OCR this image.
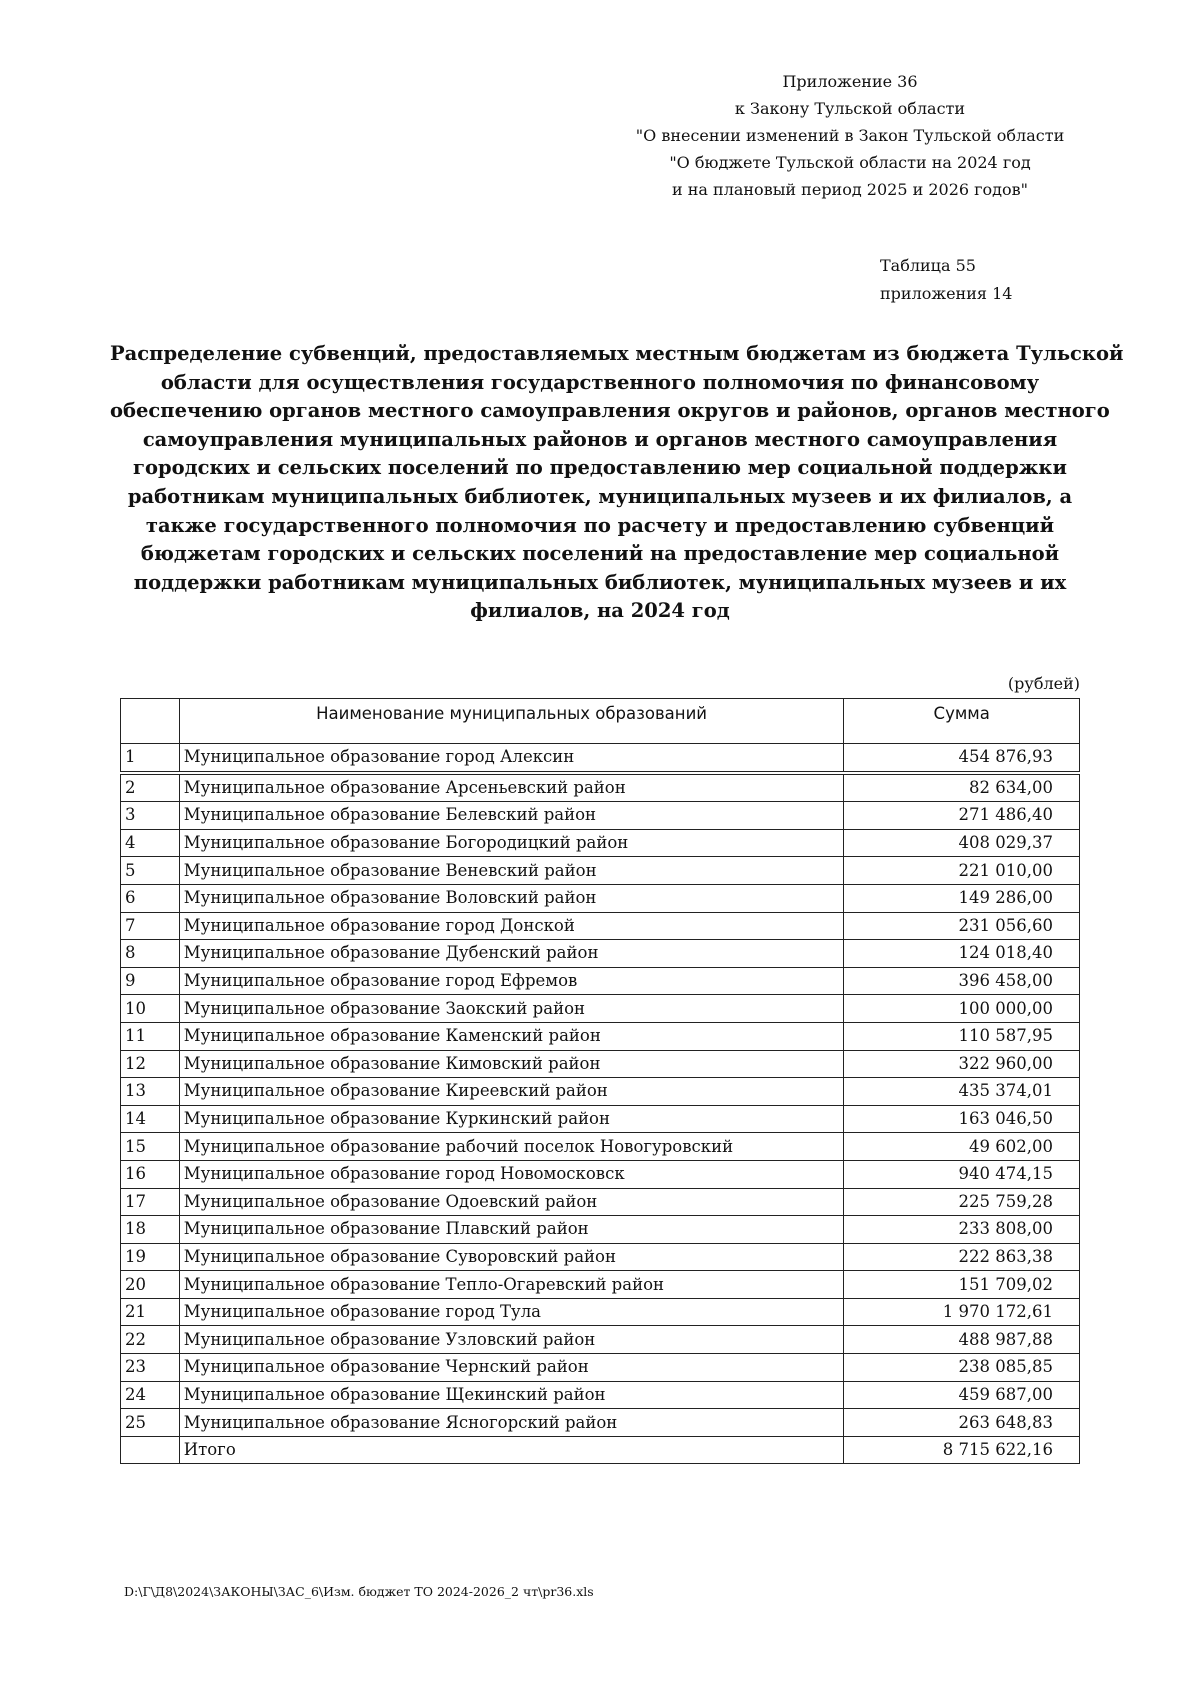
Приложение 36
к Закону Тульской области
"О внесении изменений в Закон Тульской области
"О бюджете Тульской области на 2024 год
и на плановый период 2025 и 2026 годов"
Таблица 55
приложения 14
Распределение субвенций, предоставляемых местным бюджетам из бюджета Тульской
области для осуществления государственного полномочия по финансовому
обеспечению органов местного самоуправления округов и районов, органов местного
самоуправления муниципальных районов и органов местного самоуправления
городских и сельских поселений по предоставлению мер социальной поддержки
работникам муниципальных библиотек, муниципальных музеев и их филиалов, а
также государственного полномочия по расчету и предоставлению субвенций
бюджетам городских и сельских поселений на предоставление мер социальной
поддержки работникам муниципальных библиотек, муниципальных музеев и их
филиалов, на 2024 год
(рублей)
	Наименование муниципальных образований	Сумма
1	Муниципальное образование город Алексин	454 876,93
2	Муниципальное образование Арсеньевский район	82 634,00
3	Муниципальное образование Белевский район	271 486,40
4	Муниципальное образование Богородицкий район	408 029,37
5	Муниципальное образование Веневский район	221 010,00
6	Муниципальное образование Воловский район	149 286,00
7	Муниципальное образование город Донской	231 056,60
8	Муниципальное образование Дубенский район	124 018,40
9	Муниципальное образование город Ефремов	396 458,00
10	Муниципальное образование Заокский район	100 000,00
11	Муниципальное образование Каменский район	110 587,95
12	Муниципальное образование Кимовский район	322 960,00
13	Муниципальное образование Киреевский район	435 374,01
14	Муниципальное образование Куркинский район	163 046,50
15	Муниципальное образование рабочий поселок Новогуровский	49 602,00
16	Муниципальное образование город Новомосковск	940 474,15
17	Муниципальное образование Одоевский район	225 759,28
18	Муниципальное образование Плавский район	233 808,00
19	Муниципальное образование Суворовский район	222 863,38
20	Муниципальное образование Тепло-Огаревский район	151 709,02
21	Муниципальное образование город Тула	1 970 172,61
22	Муниципальное образование Узловский район	488 987,88
23	Муниципальное образование Чернский район	238 085,85
24	Муниципальное образование Щекинский район	459 687,00
25	Муниципальное образование Ясногорский район	263 648,83
	Итого	8 715 622,16
D:\Г\Д8\2024\ЗАКОНЫ\ЗАС_6\Изм. бюджет ТО 2024-2026_2 чт\pr36.xls
